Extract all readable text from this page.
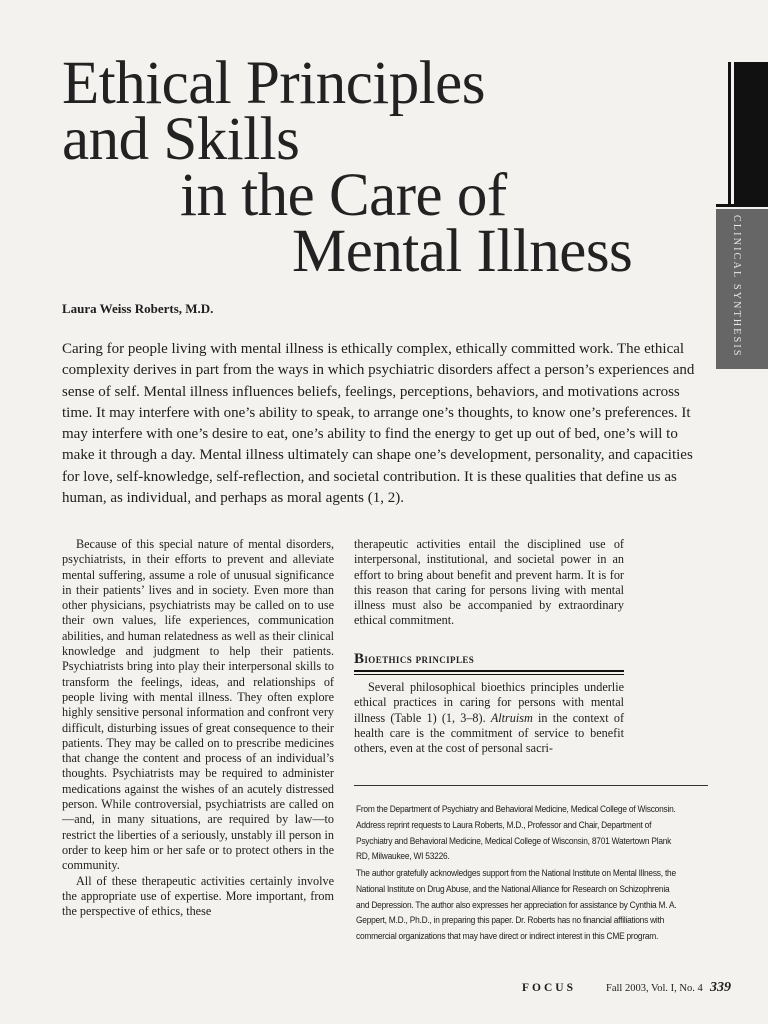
Ethical Principles
and Skills
in the Care of
Mental Illness	CLINICAL SYNTHESIS
Laura Weiss Roberts, M.D.

Caring for people living with mental illness is ethically complex, ethically committed work. The ethical complexity derives in part from the ways in which psychiatric disorders affect a person’s experiences and sense of self. Mental illness influences beliefs, feelings, perceptions, behaviors, and motivations across time. It may interfere with one’s ability to speak, to arrange one’s thoughts, to know one’s preferences. It may interfere with one’s desire to eat, one’s ability to find the energy to get up out of bed, one’s will to make it through a day. Mental illness ultimately can shape one’s development, personality, and capacities for love, self-knowledge, self-reflection, and societal contribution. It is these qualities that define us as human, as individual, and perhaps as moral agents (1, 2).

Because of this special nature of mental disorders, psychiatrists, in their efforts to prevent and alleviate mental suffering, assume a role of unusual significance in their patients’ lives and in society. Even more than other physicians, psychiatrists may be called on to use their own values, life experiences, communication abilities, and human relatedness as well as their clinical knowledge and judgment to help their patients. Psychiatrists bring into play their interpersonal skills to transform the feelings, ideas, and relationships of people living with mental illness. They often explore highly sensitive personal information and confront very difficult, disturbing issues of great consequence to their patients. They may be called on to prescribe medicines that change the content and process of an individual’s thoughts. Psychiatrists may be required to administer medications against the wishes of an acutely distressed person. While controversial, psychiatrists are called on—and, in many situations, are required by law—to restrict the liberties of a seriously, unstably ill person in order to keep him or her safe or to protect others in the community.

All of these therapeutic activities certainly involve the appropriate use of expertise. More important, from the perspective of ethics, these

therapeutic activities entail the disciplined use of interpersonal, institutional, and societal power in an effort to bring about benefit and prevent harm. It is for this reason that caring for persons living with mental illness must also be accompanied by extraordinary ethical commitment.

Bioethics principles

Several philosophical bioethics principles underlie ethical practices in caring for persons with mental illness (Table 1) (1, 3–8). Altruism in the context of health care is the commitment of service to benefit others, even at the cost of personal sacri-

From the Department of Psychiatry and Behavioral Medicine, Medical College of Wisconsin. Address reprint requests to Laura Roberts, M.D., Professor and Chair, Department of Psychiatry and Behavioral Medicine, Medical College of Wisconsin, 8701 Watertown Plank RD, Milwaukee, WI 53226.

The author gratefully acknowledges support from the National Institute on Mental Illness, the National Institute on Drug Abuse, and the National Alliance for Research on Schizophrenia and Depression. The author also expresses her appreciation for assistance by Cynthia M. A. Geppert, M.D., Ph.D., in preparing this paper. Dr. Roberts has no financial affiliations with commercial organizations that may have direct or indirect interest in this CME program.

FOCUS	Fall 2003, Vol. I, No. 4 339
